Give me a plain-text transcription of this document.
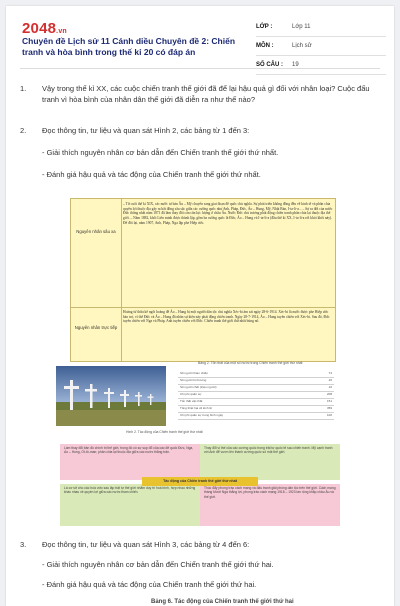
2048.vn
Chuyên đề Lịch sử 11 Cánh diều Chuyên đề 2: Chiến tranh và hòa bình trong thế kỉ 20 có đáp án
LỚP :	Lớp 11
MÔN :	Lịch sử
SỐ CÂU :	19
1. Vậy trong thế kỉ XX, các cuộc chiến tranh thế giới đã để lại hậu quả gì đối với nhân loại? Cuộc đấu tranh vì hòa bình của nhân dân thế giới đã diễn ra như thế nào?
2. Đọc thông tin, tư liệu và quan sát Hình 2, các bảng từ 1 đến 3:
- Giải thích nguyên nhân cơ bản dẫn đến Chiến tranh thế giới thứ nhất.
- Đánh giá hậu quả và tác động của Chiến tranh thế giới thứ nhất.
Nguyên nhân sâu xa
– Từ cuối thế kỉ XIX, các nước tư bản Âu – Mỹ chuyển sang giai đoạn đế quốc chủ nghĩa. Sự phát triển không đồng đều về kinh tế và phân chia quyền lợi thuộc địa gây ra bất đồng sâu sắc giữa các cường quốc như Anh, Pháp, Đức, Áo – Hung, Mỹ, Nhật Bản, I-ta-li-a... – Sự ra đời của nước Đức thống nhất năm 1871 đã làm thay đổi cán cân lực lượng ở châu Âu. Nước Đức chủ trương phát động chiến tranh phân chia lại thuộc địa thế giới. – Năm 1882, khối Liên minh được thành lập, gồm ba cường quốc là Đức, Áo – Hung và I-ta-li-a (đầu thế kỉ XX, I-ta-li-a rời khỏi khối này). Để đối lại, năm 1907, Anh, Pháp, Nga lập phe Hiệp ước.
Nguyên nhân trực tiếp
Hoàng tử thừa kế ngôi hoàng đế Áo – Hung bị một người dân tộc chủ nghĩa Xéc-bi ám sát ngày 28-6-1914. Xéc-bi là nước được phe Hiệp ước bảo trợ, vì thế Đức và Áo – Hung đã nhân sự kiện này phát động chiến tranh. Ngày 28-7-1914, Áo – Hung tuyên chiến với Xéc-bi. Sau đó, Đức tuyên chiến với Nga và Pháp, Anh tuyên chiến với Đức. Chiến tranh thế giới thứ nhất bùng nổ.
Hình 2. Tác động của Chiến tranh thế giới thứ nhất
Bảng 2. Tổn thất của một số nước trong Chiến tranh thế giới thứ nhất
Số người tham chiến	74
Số người bị thương	20
Số người chết (triệu người)	10
Chi phí quân sự	208
Tổn thất vật chất	151
Tổng thiệt hại về kinh tế	359
Chi phí quân sự trung bình ngày	100
Làm thay đổi bản đồ chính trị thế giới, trong đó có sự sụp đổ của các đế quốc Đức, Nga, Áo – Hung, Ốt-tô-man; phân chia lại thuộc địa giữa các nước thắng trận.
Thay đổi vị thế của các cường quốc trong trật tự quốc tế sau chiến tranh. Mỹ cạnh tranh với Anh để vươn lên thành cường quốc số một thế giới.
Là cơ sở cho các hoà ước sau lập trật tự thế giới nhằm duy trì hoà bình, hợp nhau những khác nhau về quyền lợi giữa các nước tham chiến.
Thúc đẩy phong trào cách mạng và đấu tranh giải phóng dân tộc trên thế giới. Cách mạng tháng Mười Nga thắng lợi, phong trào cách mạng 1918 – 1923 lan rộng khắp châu Âu và thế giới.
Tác động của Chiến tranh thế giới thứ nhất
3. Đọc thông tin, tư liệu và quan sát Hình 3, các bảng từ 4 đến 6:
- Giải thích nguyên nhân cơ bản dẫn đến Chiến tranh thế giới thứ hai.
- Đánh giá hậu quả và tác động của Chiến tranh thế giới thứ hai.
Bảng 6. Tác động của Chiến tranh thế giới thứ hai
